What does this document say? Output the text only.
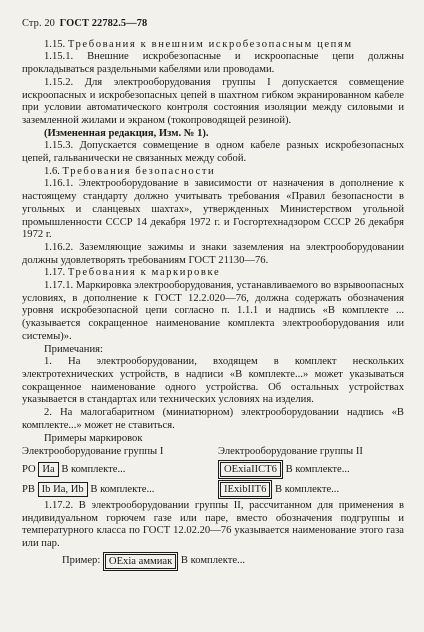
Стр. 20 ГОСТ 22782.5—78

1.15. Требования к внешним искробезопасным цепям

1.15.1. Внешние искробезопасные и искроопасные цепи должны прокладываться раздельными кабелями или проводами.

1.15.2. Для электрооборудования группы I допускается совмещение искроопасных и искробезопасных цепей в шахтном гибком экранированном кабеле при условии автоматического контроля состояния изоляции между силовыми и заземленной жилами и экраном (токопроводящей резиной).

(Измененная редакция, Изм. № 1).

1.15.3. Допускается совмещение в одном кабеле разных искробезопасных цепей, гальванически не связанных между собой.

1.6. Требования безопасности

1.16.1. Электрооборудование в зависимости от назначения в дополнение к настоящему стандарту должно учитывать требования «Правил безопасности в угольных и сланцевых шахтах», утвержденных Министерством угольной промышленности СССР 14 декабря 1972 г. и Госгортехнадзором СССР 26 декабря 1972 г.

1.16.2. Заземляющие зажимы и знаки заземления на электрооборудовании должны удовлетворять требованиям ГОСТ 21130—76.

1.17. Требования к маркировке

1.17.1. Маркировка электрооборудования, устанавливаемого во взрывоопасных условиях, в дополнение к ГОСТ 12.2.020—76, должна содержать обозначения уровня искробезопасной цепи согласно п. 1.1.1 и надпись «В комплекте ... (указывается сокращенное наименование комплекта электрооборудования или системы)».

Примечания:

1. На электрооборудовании, входящем в комплект нескольких электротехнических устройств, в надписи «В комплекте...» может указываться сокращенное наименование одного устройства. Об остальных устройствах указывается в стандартах или технических условиях на изделия.

2. На малогабаритном (миниатюрном) электрооборудовании надпись «В комплекте...» может не ставиться.

Примеры маркировок

Электрооборудование группы I	Электрооборудование группы II
РО Иа В комплекте...	ОЕхiаIIСТ6 В комплекте...
РВ Ib Иа, Иb В комплекте...	IExibIIТ6 В комплекте...

1.17.2. В электрооборудовании группы II, рассчитанном для применения в индивидуальном горючем газе или паре, вместо обозначения подгруппы и температурного класса по ГОСТ 12.02.20—76 указывается наименование этого газа или пар.

Пример:
ОЕхiа аммиак
В комплекте...
